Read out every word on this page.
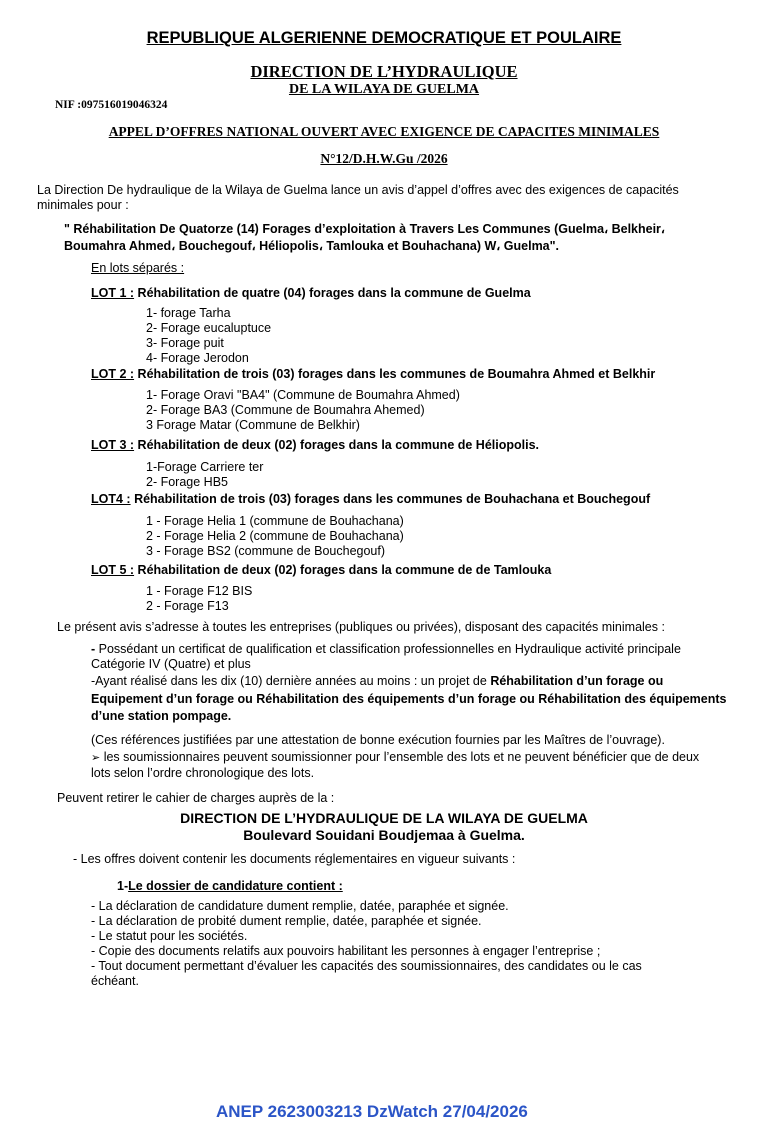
REPUBLIQUE ALGERIENNE DEMOCRATIQUE ET POULAIRE
DIRECTION DE L’HYDRAULIQUE
DE LA WILAYA DE GUELMA
NIF :097516019046324
APPEL D’OFFRES NATIONAL OUVERT AVEC EXIGENCE DE CAPACITES MINIMALES
N°12/D.H.W.Gu /2026
La Direction De hydraulique de la Wilaya de Guelma lance un avis d’appel d’offres avec des exigences de capacités
minimales pour :
" Réhabilitation De Quatorze (14) Forages d’exploitation à Travers Les Communes (Guelma، Belkheir،
Boumahra Ahmed، Bouchegouf، Héliopolis، Tamlouka et Bouhachana) W، Guelma".
En lots séparés :
LOT 1 : Réhabilitation de quatre (04) forages dans la commune de Guelma
1- forage Tarha
2- Forage eucaluptuce
3- Forage puit
4- Forage Jerodon
LOT 2 : Réhabilitation de trois (03) forages dans les communes de Boumahra Ahmed et Belkhir
1- Forage Oravi "BA4" (Commune de Boumahra Ahmed)
2- Forage BA3 (Commune de Boumahra Ahemed)
3 Forage Matar (Commune de Belkhir)
LOT 3 : Réhabilitation de deux (02) forages dans la commune de Héliopolis.
1-Forage Carriere ter
2- Forage HB5
LOT4 : Réhabilitation de trois (03) forages dans les communes de Bouhachana et Bouchegouf
1 - Forage Helia 1 (commune de Bouhachana)
2 - Forage Helia 2 (commune de Bouhachana)
3 - Forage BS2 (commune de Bouchegouf)
LOT 5 : Réhabilitation de deux (02) forages dans la commune de de Tamlouka
1 - Forage F12 BIS
2 - Forage F13
Le présent avis s’adresse à toutes les entreprises (publiques ou privées), disposant des capacités minimales :
- Possédant un certificat de qualification et classification professionnelles en Hydraulique activité principale
Catégorie IV (Quatre) et plus
-Ayant réalisé dans les dix (10) dernière années au moins : un projet de Réhabilitation d’un forage ou
Equipement d’un forage ou Réhabilitation des équipements d’un forage ou Réhabilitation des équipements
d’une station pompage.
(Ces références justifiées par une attestation de bonne exécution fournies par les Maîtres de l’ouvrage).
➢ les soumissionnaires peuvent soumissionner pour l’ensemble des lots et ne peuvent bénéficier que de deux
lots selon l’ordre chronologique des lots.
Peuvent retirer le cahier de charges auprès de la :
DIRECTION DE L’HYDRAULIQUE DE LA WILAYA DE GUELMA
Boulevard Souidani Boudjemaa à Guelma.
- Les offres doivent contenir les documents réglementaires en vigueur suivants :
1-Le dossier de candidature contient :
- La déclaration de candidature dument remplie, datée, paraphée et signée.
- La déclaration de probité dument remplie, datée, paraphée et signée.
- Le statut pour les sociétés.
- Copie des documents relatifs aux pouvoirs habilitant les personnes à engager l’entreprise ;
- Tout document permettant d’évaluer les capacités des soumissionnaires, des candidates ou le cas
échéant.
ANEP 2623003213 DzWatch 27/04/2026
